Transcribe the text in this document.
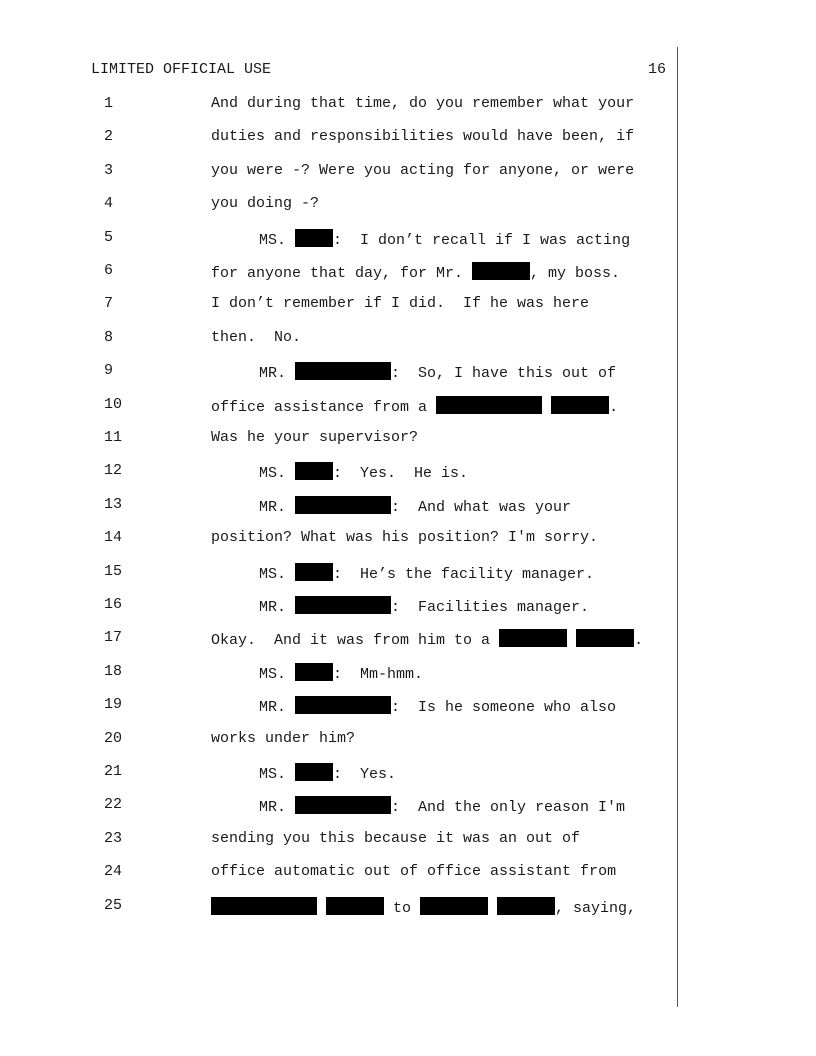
LIMITED OFFICIAL USE	16
1	And during that time, do you remember what your
2	duties and responsibilities would have been, if
3	you were -? Were you acting for anyone, or were
4	you doing -?
5	MS.	:  I don’t recall if I was acting
6	for anyone that day, for Mr.	, my boss.
7	I don’t remember if I did.  If he was here
8	then.  No.
9	MR.	:  So, I have this out of
10	office assistance from a	.
11	Was he your supervisor?
12	MS.	:  Yes.  He is.
13	MR.	:  And what was your
14	position? What was his position? I'm sorry.
15	MS.	:  He’s the facility manager.
16	MR.	:  Facilities manager.
17	Okay.  And it was from him to a	.
18	MS.	:  Mm-hmm.
19	MR.	:  Is he someone who also
20	works under him?
21	MS.	:  Yes.
22	MR.	:  And the only reason I'm
23	sending you this because it was an out of
24	office automatic out of office assistant from
25	to	, saying,
